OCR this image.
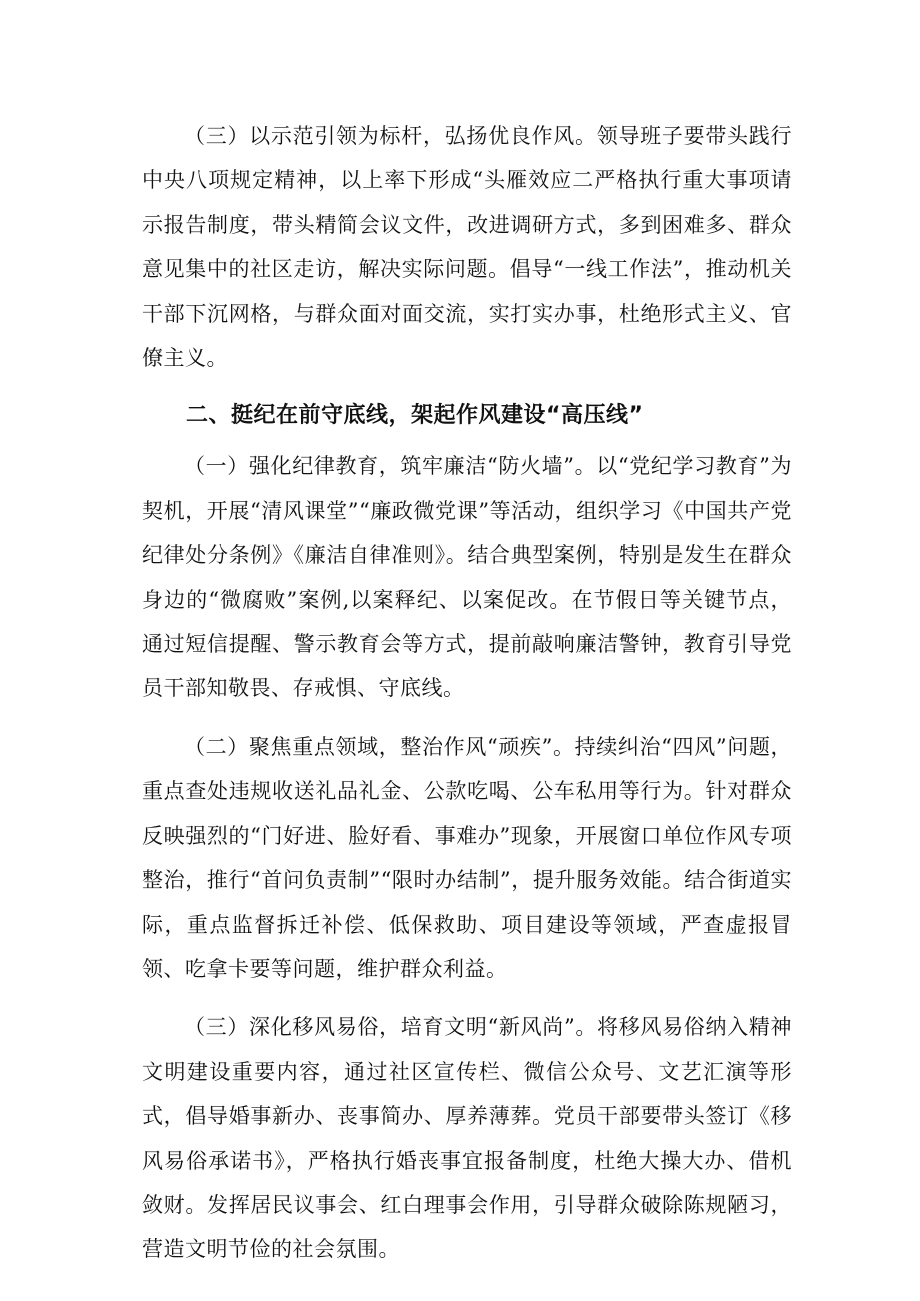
（三）以示范引领为标杆，弘扬优良作风。领导班子要带头践行中央八项规定精神，以上率下形成“头雁效应二严格执行重大事项请示报告制度，带头精简会议文件，改进调研方式，多到困难多、群众意见集中的社区走访，解决实际问题。倡导“一线工作法”，推动机关干部下沉网格，与群众面对面交流，实打实办事，杜绝形式主义、官僚主义。

二、挺纪在前守底线，架起作风建设“高压线”

（一）强化纪律教育，筑牢廉洁“防火墙”。以“党纪学习教育”为契机，开展“清风课堂”“廉政微党课”等活动，组织学习《中国共产党纪律处分条例》《廉洁自律准则》。结合典型案例，特别是发生在群众身边的“微腐败”案例,以案释纪、以案促改。在节假日等关键节点，通过短信提醒、警示教育会等方式，提前敲响廉洁警钟，教育引导党员干部知敬畏、存戒惧、守底线。

（二）聚焦重点领域，整治作风“顽疾”。持续纠治“四风”问题，重点查处违规收送礼品礼金、公款吃喝、公车私用等行为。针对群众反映强烈的“门好进、脸好看、事难办”现象，开展窗口单位作风专项整治，推行“首问负责制”“限时办结制”，提升服务效能。结合街道实际，重点监督拆迁补偿、低保救助、项目建设等领域，严查虚报冒领、吃拿卡要等问题，维护群众利益。

（三）深化移风易俗，培育文明“新风尚”。将移风易俗纳入精神文明建设重要内容，通过社区宣传栏、微信公众号、文艺汇演等形式，倡导婚事新办、丧事简办、厚养薄葬。党员干部要带头签订《移风易俗承诺书》，严格执行婚丧事宜报备制度，杜绝大操大办、借机敛财。发挥居民议事会、红白理事会作用，引导群众破除陈规陋习，营造文明节俭的社会氛围。
